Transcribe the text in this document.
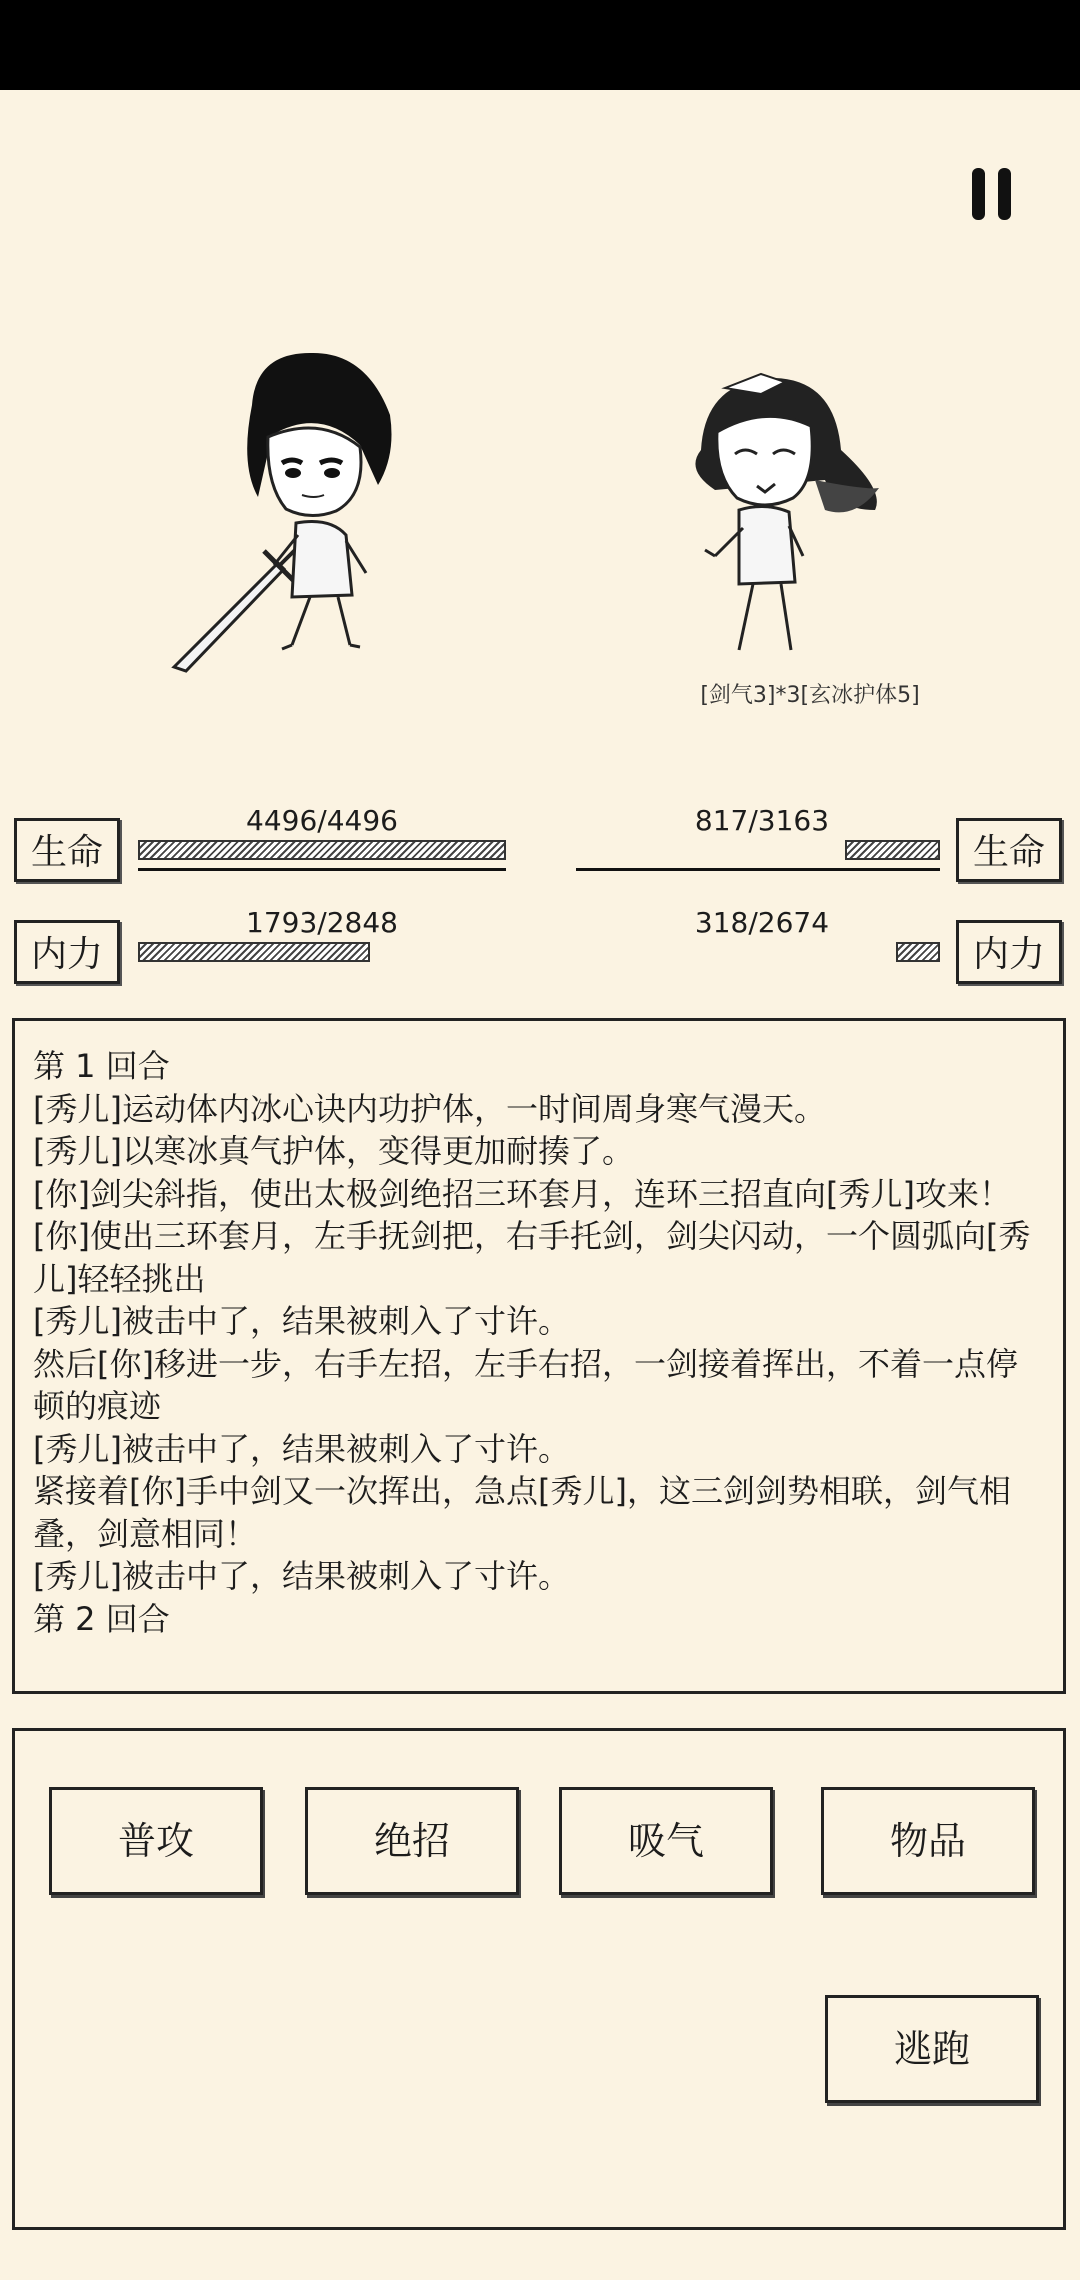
[剑气3]*3[玄冰护体5]
生命
4496/4496
内力
1793/2848
生命
817/3163
内力
318/2674
第 1 回合
[秀儿]运动体内冰心诀内功护体，一时间周身寒气漫天。
[秀儿]以寒冰真气护体，变得更加耐揍了。
[你]剑尖斜指，使出太极剑绝招三环套月，连环三招直向[秀儿]攻来！
[你]使出三环套月，左手抚剑把，右手托剑，剑尖闪动，一个圆弧向[秀儿]轻轻挑出
[秀儿]被击中了，结果被刺入了寸许。
然后[你]移进一步，右手左招，左手右招，一剑接着挥出，不着一点停顿的痕迹
[秀儿]被击中了，结果被刺入了寸许。
紧接着[你]手中剑又一次挥出，急点[秀儿]，这三剑剑势相联，剑气相叠，剑意相同！
[秀儿]被击中了，结果被刺入了寸许。
第 2 回合
普攻	绝招	吸气	物品
逃跑
